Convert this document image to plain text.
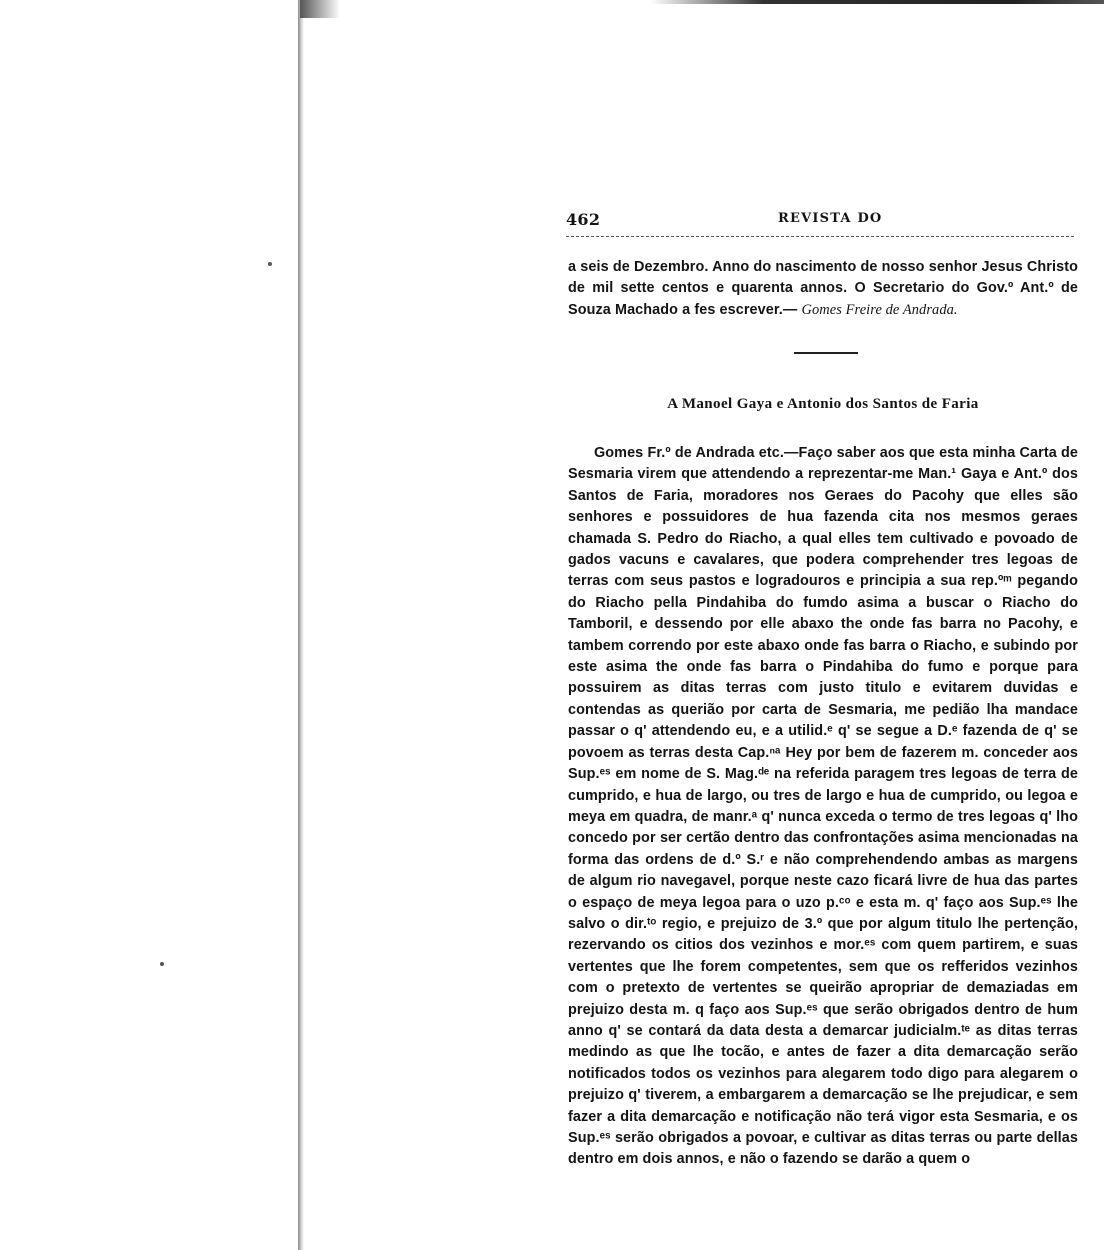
462	REVISTA DO
a seis de Dezembro. Anno do nascimento de nosso senhor Jesus Christo de mil sette centos e quarenta annos. O Secretario do Gov.º Ant.º de Souza Machado a fes escrever.— Gomes Freire de Andrada.
A Manoel Gaya e Antonio dos Santos de Faria
Gomes Fr.º de Andrada etc.—Faço saber aos que esta minha Carta de Sesmaria virem que attendendo a reprezentar-me Man.¹ Gaya e Ant.º dos Santos de Faria, moradores nos Geraes do Pacohy que elles são senhores e possuidores de hua fazenda cita nos mesmos geraes chamada S. Pedro do Riacho, a qual elles tem cultivado e povoado de gados vacuns e cavalares, que podera comprehender tres legoas de terras com seus pastos e logradouros e principia a sua rep.ºᵐ pegando do Riacho pella Pindahiba do fumdo asima a buscar o Riacho do Tamboril, e dessendo por elle abaxo the onde fas barra no Pacohy, e tambem correndo por este abaxo onde fas barra o Riacho, e subindo por este asima the onde fas barra o Pindahiba do fumo e porque para possuirem as ditas terras com justo titulo e evitarem duvidas e contendas as querião por carta de Sesmaria, me pedião lha mandace passar o q' attendendo eu, e a utilid.ᵉ q' se segue a D.ᵉ fazenda de q' se povoem as terras desta Cap.ⁿᵃ Hey por bem de fazerem m. conceder aos Sup.ᵉˢ em nome de S. Mag.ᵈᵉ na referida paragem tres legoas de terra de cumprido, e hua de largo, ou tres de largo e hua de cumprido, ou legoa e meya em quadra, de manr.ᵃ q' nunca exceda o termo de tres legoas q' lho concedo por ser certão dentro das confrontações asima mencionadas na forma das ordens de d.º S.ʳ e não comprehendendo ambas as margens de algum rio navegavel, porque neste cazo ficará livre de hua das partes o espaço de meya legoa para o uzo p.ᶜᵒ e esta m. q' faço aos Sup.ᵉˢ lhe salvo o dir.ᵗᵒ regio, e prejuizo de 3.º que por algum titulo lhe pertenção, rezervando os citios dos vezinhos e mor.ᵉˢ com quem partirem, e suas vertentes que lhe forem competentes, sem que os refferidos vezinhos com o pretexto de vertentes se queirão apropriar de demaziadas em prejuizo desta m. q faço aos Sup.ᵉˢ que serão obrigados dentro de hum anno q' se contará da data desta a demarcar judicialm.ᵗᵉ as ditas terras medindo as que lhe tocão, e antes de fazer a dita demarcação serão notificados todos os vezinhos para alegarem todo digo para alegarem o prejuizo q' tiverem, a embargarem a demarcação se lhe prejudicar, e sem fazer a dita demarcação e notificação não terá vigor esta Sesmaria, e os Sup.ᵉˢ serão obrigados a povoar, e cultivar as ditas terras ou parte dellas dentro em dois annos, e não o fazendo se darão a quem o
